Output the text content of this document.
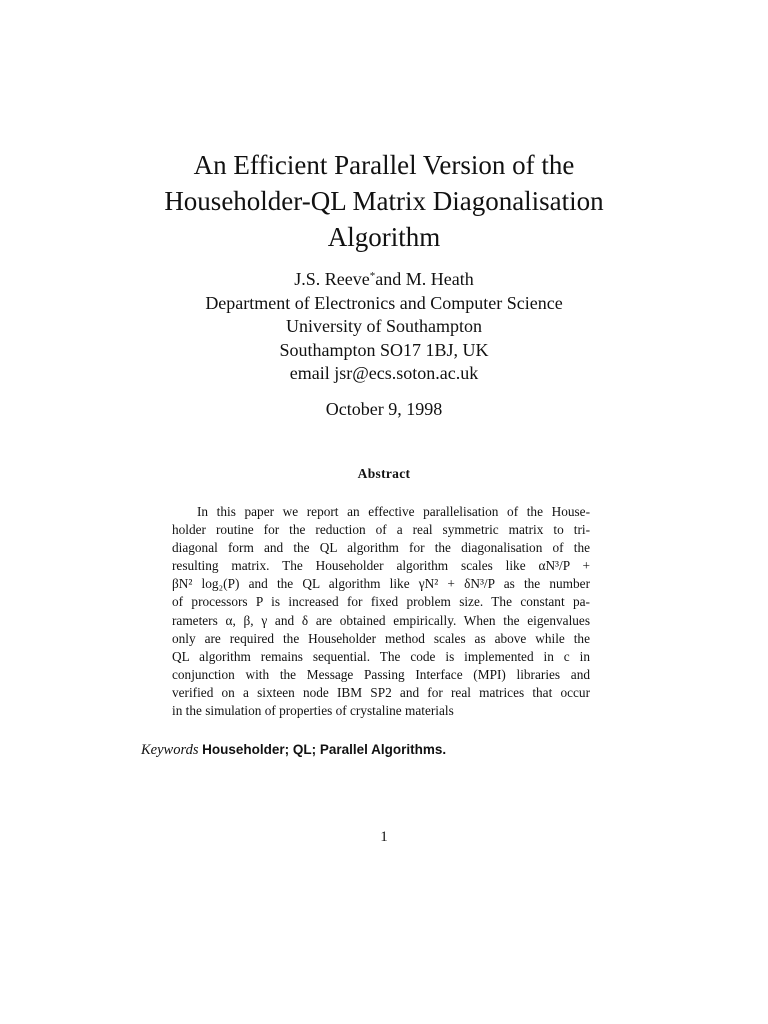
An Efficient Parallel Version of the
Householder-QL Matrix Diagonalisation
Algorithm
J.S. Reeve*and M. Heath
Department of Electronics and Computer Science
University of Southampton
Southampton SO17 1BJ, UK
email jsr@ecs.soton.ac.uk
October 9, 1998
Abstract
In this paper we report an effective parallelisation of the House-
holder routine for the reduction of a real symmetric matrix to tri-
diagonal form and the QL algorithm for the diagonalisation of the
resulting matrix. The Householder algorithm scales like αN³/P +
βN² log₂(P) and the QL algorithm like γN² + δN³/P as the number
of processors P is increased for fixed problem size. The constant pa-
rameters α, β, γ and δ are obtained empirically. When the eigenvalues
only are required the Householder method scales as above while the
QL algorithm remains sequential. The code is implemented in c in
conjunction with the Message Passing Interface (MPI) libraries and
verified on a sixteen node IBM SP2 and for real matrices that occur
in the simulation of properties of crystaline materials
Keywords Householder; QL; Parallel Algorithms.
1
